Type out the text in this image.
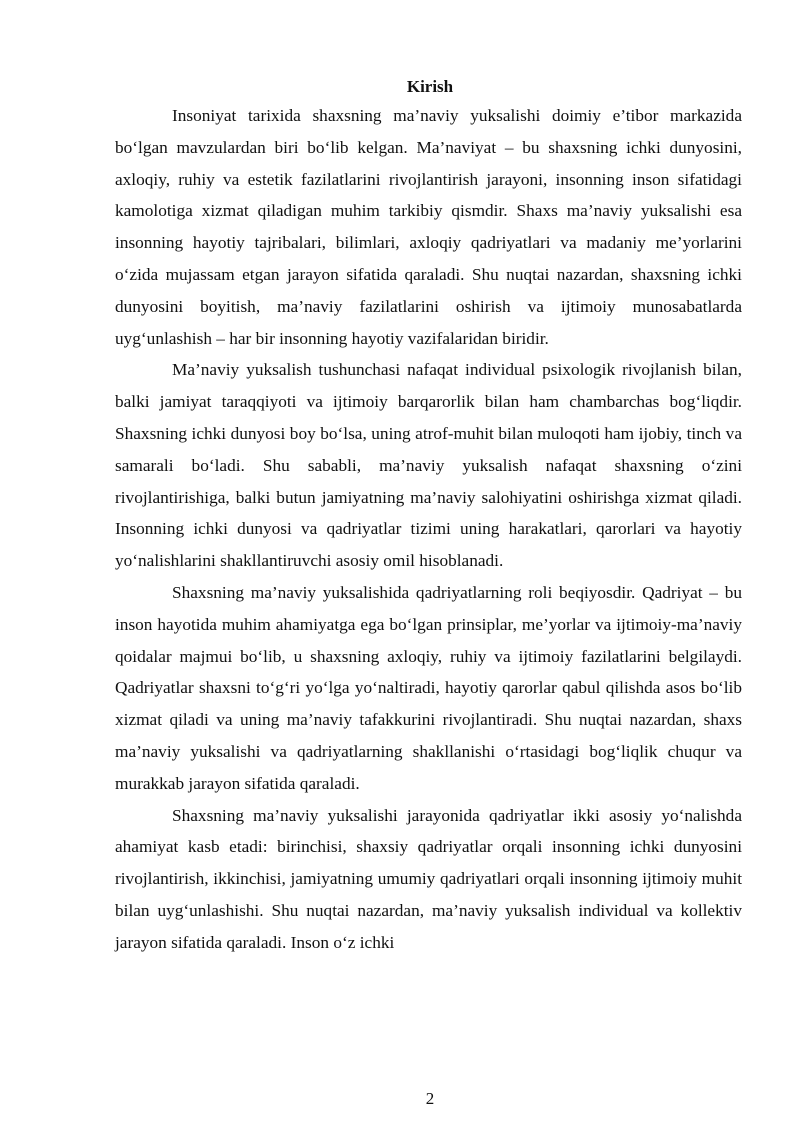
Kirish

Insoniyat tarixida shaxsning ma’naviy yuksalishi doimiy e’tibor markazida bo‘lgan mavzulardan biri bo‘lib kelgan. Ma’naviyat – bu shaxsning ichki dunyosini, axloqiy, ruhiy va estetik fazilatlarini rivojlantirish jarayoni, insonning inson sifatidagi kamolotiga xizmat qiladigan muhim tarkibiy qismdir. Shaxs ma’naviy yuksalishi esa insonning hayotiy tajribalari, bilimlari, axloqiy qadriyatlari va madaniy me’yorlarini o‘zida mujassam etgan jarayon sifatida qaraladi. Shu nuqtai nazardan, shaxsning ichki dunyosini boyitish, ma’naviy fazilatlarini oshirish va ijtimoiy munosabatlarda uyg‘unlashish – har bir insonning hayotiy vazifalaridan biridir.

Ma’naviy yuksalish tushunchasi nafaqat individual psixologik rivojlanish bilan, balki jamiyat taraqqiyoti va ijtimoiy barqarorlik bilan ham chambarchas bog‘liqdir. Shaxsning ichki dunyosi boy bo‘lsa, uning atrof-muhit bilan muloqoti ham ijobiy, tinch va samarali bo‘ladi. Shu sababli, ma’naviy yuksalish nafaqat shaxsning o‘zini rivojlantirishiga, balki butun jamiyatning ma’naviy salohiyatini oshirishga xizmat qiladi. Insonning ichki dunyosi va qadriyatlar tizimi uning harakatlari, qarorlari va hayotiy yo‘nalishlarini shakllantiruvchi asosiy omil hisoblanadi.

Shaxsning ma’naviy yuksalishida qadriyatlarning roli beqiyosdir. Qadriyat – bu inson hayotida muhim ahamiyatga ega bo‘lgan prinsiplar, me’yorlar va ijtimoiy-ma’naviy qoidalar majmui bo‘lib, u shaxsning axloqiy, ruhiy va ijtimoiy fazilatlarini belgilaydi. Qadriyatlar shaxsni to‘g‘ri yo‘lga yo‘naltiradi, hayotiy qarorlar qabul qilishda asos bo‘lib xizmat qiladi va uning ma’naviy tafakkurini rivojlantiradi. Shu nuqtai nazardan, shaxs ma’naviy yuksalishi va qadriyatlarning shakllanishi o‘rtasidagi bog‘liqlik chuqur va murakkab jarayon sifatida qaraladi.

Shaxsning ma’naviy yuksalishi jarayonida qadriyatlar ikki asosiy yo‘nalishda ahamiyat kasb etadi: birinchisi, shaxsiy qadriyatlar orqali insonning ichki dunyosini rivojlantirish, ikkinchisi, jamiyatning umumiy qadriyatlari orqali insonning ijtimoiy muhit bilan uyg‘unlashishi. Shu nuqtai nazardan, ma’naviy yuksalish individual va kollektiv jarayon sifatida qaraladi. Inson o‘z ichki

2
